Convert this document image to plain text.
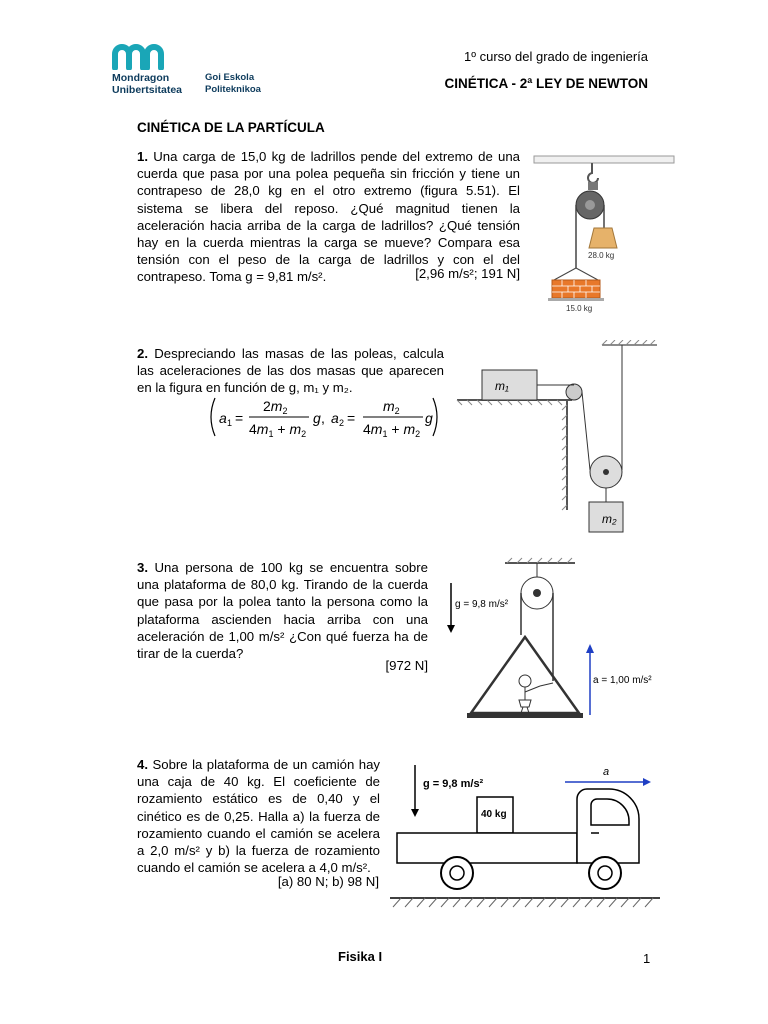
Mondragon
Unibertsitatea
Goi Eskola
Politeknikoa
1º curso del grado de ingeniería
CINÉTICA - 2ª LEY DE NEWTON
CINÉTICA DE LA PARTÍCULA
1. Una carga de 15,0 kg de ladrillos pende del extremo de una cuerda que pasa por una polea pequeña sin fricción y tiene un contrapeso de 28,0 kg en el otro extremo (figura 5.51). El sistema se libera del reposo. ¿Qué magnitud tienen la aceleración hacia arriba de la carga de ladrillos? ¿Qué tensión hay en la cuerda mientras la carga se mueve? Compara esa tensión con el peso de la carga de ladrillos y con el del contrapeso. Toma g = 9,81 m/s².	[2,96 m/s²; 191 N]
28.0 kg
15.0 kg
2. Despreciando las masas de las poleas, calcula las aceleraciones de las dos masas que aparecen en la figura en función de g, m₁ y m₂.
a 1 =
$2m_2$
$4m_1 + m_2$
g , a 2 =
$m_2$
$4m_1 + m_2$
g
m₁
m₂
3. Una persona de 100 kg se encuentra sobre una plataforma de 80,0 kg. Tirando de la cuerda que pasa por la polea tanto la persona como la plataforma ascienden hacia arriba con una aceleración de 1,00 m/s² ¿Con qué fuerza ha de tirar de la cuerda?
[972 N]
g = 9,8 m/s²
a = 1,00 m/s²
4. Sobre la plataforma de un camión hay una caja de 40 kg. El coeficiente de rozamiento estático es de 0,40 y el cinético es de 0,25. Halla a) la fuerza de rozamiento cuando el camión se acelera a 2,0 m/s² y b) la fuerza de rozamiento cuando el camión se acelera a 4,0 m/s².
[a) 80 N; b) 98 N]
g = 9,8 m/s²
a
40 kg
Fisika I	1
